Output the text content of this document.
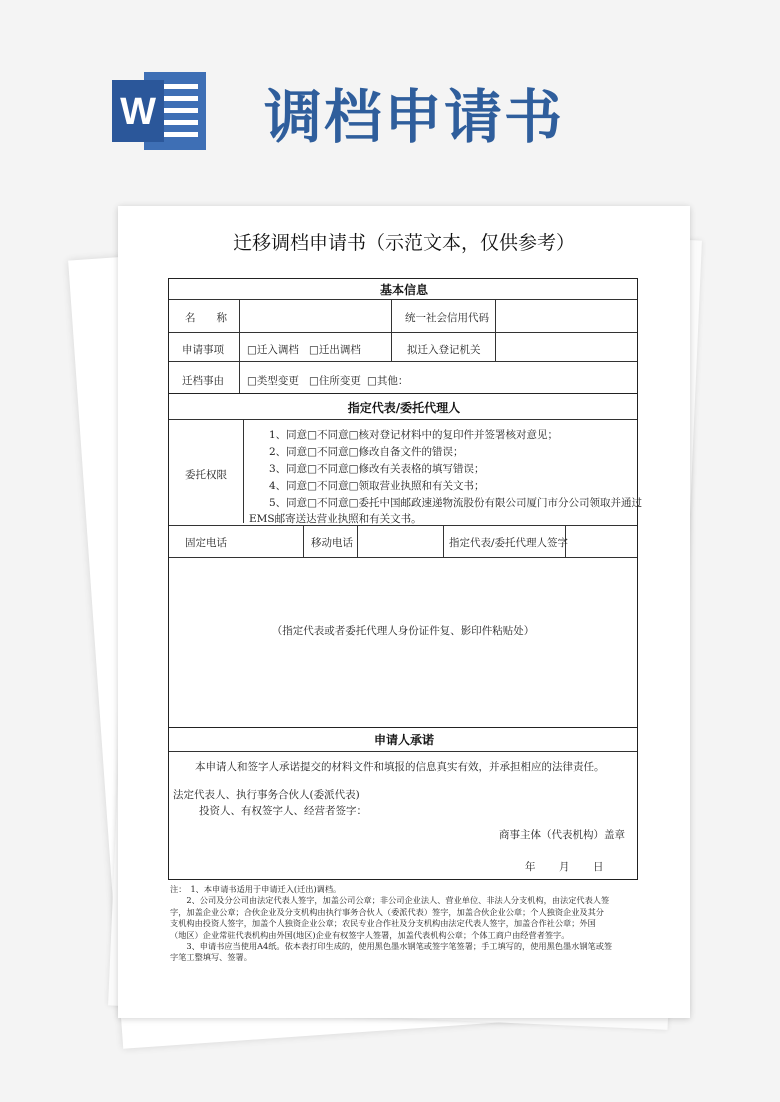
W 调档申请书
迁移调档申请书（示范文本，仅供参考）
基本信息
名　　称	统一社会信用代码
申请事项 □迁入调档 □迁出调档	拟迁入登记机关
迁档事由 □类型变更 □住所变更 □其他：
指定代表/委托代理人
委托权限
1、同意□不同意□核对登记材料中的复印件并签署核对意见；
2、同意□不同意□修改自备文件的错误；
3、同意□不同意□修改有关表格的填写错误；
4、同意□不同意□领取营业执照和有关文书；
5、同意□不同意□委托中国邮政速递物流股份有限公司厦门市分公司领取并通过
EMS邮寄送达营业执照和有关文书。
固定电话	移动电话	指定代表/委托代理人签字
（指定代表或者委托代理人身份证件复、影印件粘贴处）
申请人承诺
本申请人和签字人承诺提交的材料文件和填报的信息真实有效，并承担相应的法律责任。
法定代表人、执行事务合伙人(委派代表)
投资人、有权签字人、经营者签字：
商事主体（代表机构）盖章
年 月 日
注：　1、本申请书适用于申请迁入(迁出)调档。
　　2、公司及分公司由法定代表人签字，加盖公司公章；非公司企业法人、营业单位、非法人分支机构，由法定代表人签
字，加盖企业公章；合伙企业及分支机构由执行事务合伙人（委派代表）签字，加盖合伙企业公章；个人独资企业及其分
支机构由投资人签字，加盖个人独资企业公章；农民专业合作社及分支机构由法定代表人签字，加盖合作社公章；外国
（地区）企业常驻代表机构由外国(地区)企业有权签字人签署，加盖代表机构公章；个体工商户由经营者签字。
　　3、申请书应当使用A4纸。依本表打印生成的，使用黑色墨水钢笔或签字笔签署；手工填写的，使用黑色墨水钢笔或签
字笔工整填写、签署。
